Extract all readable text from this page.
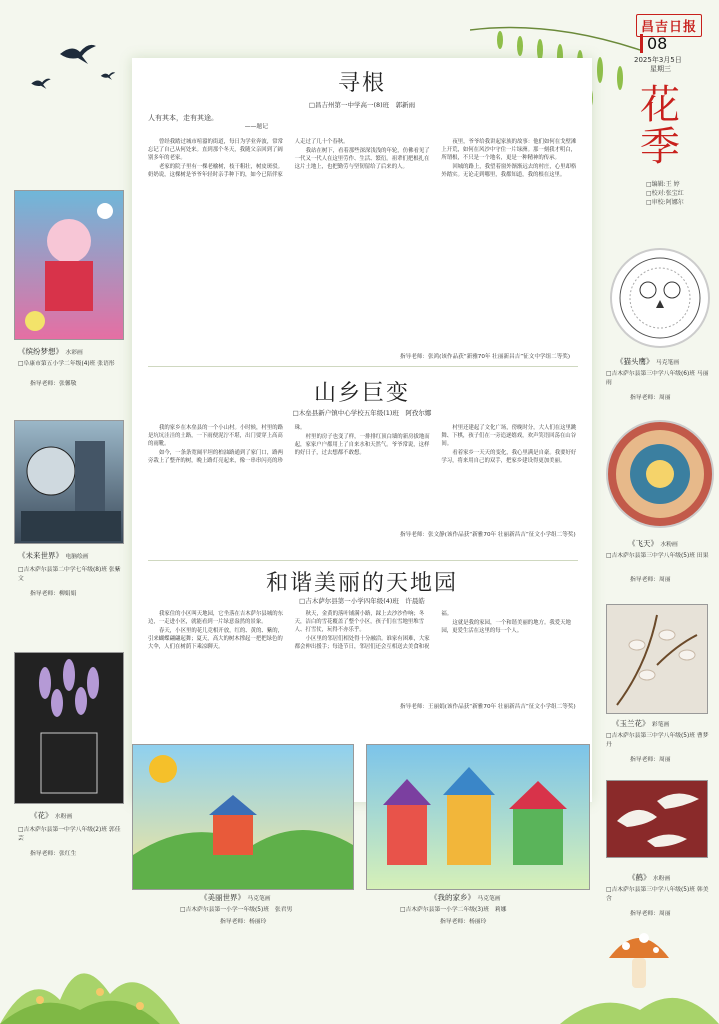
昌吉日报
08
2025年3月5日
星期三
花季
□编辑:王 婷
□校对:张宝红
□审校:阿娜尔
寻根
□昌吉州第一中学高一(8)班　郭新雨
人有其本，走有其途。
——题记

曾经我踏过城市喧嚣的街道，每日为学业奔波，常常忘记了自己从何处来。直到那个冬天，我随父亲回到了阔别多年的老家。

老家的院子里有一棵老榆树，枝干粗壮，树皮斑驳。奶奶说，这棵树是爷爷年轻时亲手种下的，如今已陪伴家人走过了几十个春秋。

我站在树下，看着那些深深浅浅的年轮，仿佛看见了一代又一代人在这里劳作、生活、繁衍。祖辈们把根扎在这片土地上，也把勤劳与坚韧留给了后来的人。

夜里，爷爷给我讲起家族的故事：他们如何在戈壁滩上开荒，如何在风沙中守住一片绿洲。那一刻我才明白，所谓根，不只是一个地名，更是一种精神的传承。

回城的路上，我望着窗外渐渐远去的村庄，心里却格外踏实。无论走到哪里，我都知道，我的根在这里。

指导老师：张鸿(该作品获“新雅70年 壮丽新昌吉”征文中学组二等奖)
山乡巨变
□木垒县新户镇中心学校五年级(1)班　阿孜尔娜

我的家乡在木垒县的一个小山村。小时候，村里的路是坑坑洼洼的土路，一下雨便泥泞不堪，出门要穿上高高的雨靴。

如今，一条条宽阔平坦的柏油路通到了家门口，路两旁栽上了整齐的树，晚上路灯亮起来，像一串串闪亮的珍珠。

村里的房子也变了样，一排排红顶白墙的新房拔地而起，家家户户都用上了自来水和天然气。爷爷常说，这样的好日子，过去想都不敢想。

村里还建起了文化广场，傍晚时分，大人们在这里跳舞、下棋，孩子们在一旁追逐嬉戏，欢声笑语回荡在山谷间。

看着家乡一天天的变化，我心里满是自豪。我要好好学习，将来用自己的双手，把家乡建设得更加美丽。

指导老师：张文静(该作品获“新雅70年 壮丽新昌吉”征文小学组二等奖)
和谐美丽的天地园
□吉木萨尔县第一小学四年级(4)班　许晨皓

我家住的小区叫天地园，它坐落在吉木萨尔县城的东边，一走进小区，就能看到一片绿意盎然的景象。

春天，小区里的花儿竞相开放，红的、黄的、紫的，引来蝴蝶翩翩起舞；夏天，高大的树木撑起一把把绿色的大伞，人们在树荫下乘凉聊天。

秋天，金黄的落叶铺满小路，踩上去沙沙作响；冬天，洁白的雪花覆盖了整个小区，孩子们在雪地里堆雪人、打雪仗，玩得不亦乐乎。

小区里的邻居们相处得十分融洽。谁家有困难，大家都会伸出援手；每逢节日，邻居们还会互相送去美食和祝福。

这就是我的家园，一个和谐美丽的地方。我爱天地园，更爱生活在这里的每一个人。

指导老师：王丽娟(该作品获“新雅70年 壮丽新昌吉”征文小学组二等奖)
《缤纷梦想》 水彩画
□阜康市第五小学二年级(4)班 张语彤
指导老师：张馨敬
《未来世界》 电脑绘画
□吉木萨尔县第二中学七年级(8)班 张紫文
指导老师：柳娟娟
《花》 水粉画
□吉木萨尔县第一中学八年级(2)班 郭佳芸
指导老师：张红生
《美丽世界》 马克笔画
□吉木萨尔县第一小学一年级(5)班　张君男
指导老师：杨丽玲
《我的家乡》 马克笔画
□吉木萨尔县第一小学二年级(3)班　莉娜
指导老师：杨丽玲
《猫头鹰》 马克笔画
□吉木萨尔县第三中学八年级(6)班 马丽雨
指导老师：周丽
《飞天》 水粉画
□吉木萨尔县第三中学八年级(5)班 田果
指导老师：周丽
《玉兰花》 彩笔画
□吉木萨尔县第三中学八年级(5)班 曹梦丹
指导老师：周丽
《鹤》 水粉画
□吉木萨尔县第三中学八年级(5)班 韩美含
指导老师：周丽
